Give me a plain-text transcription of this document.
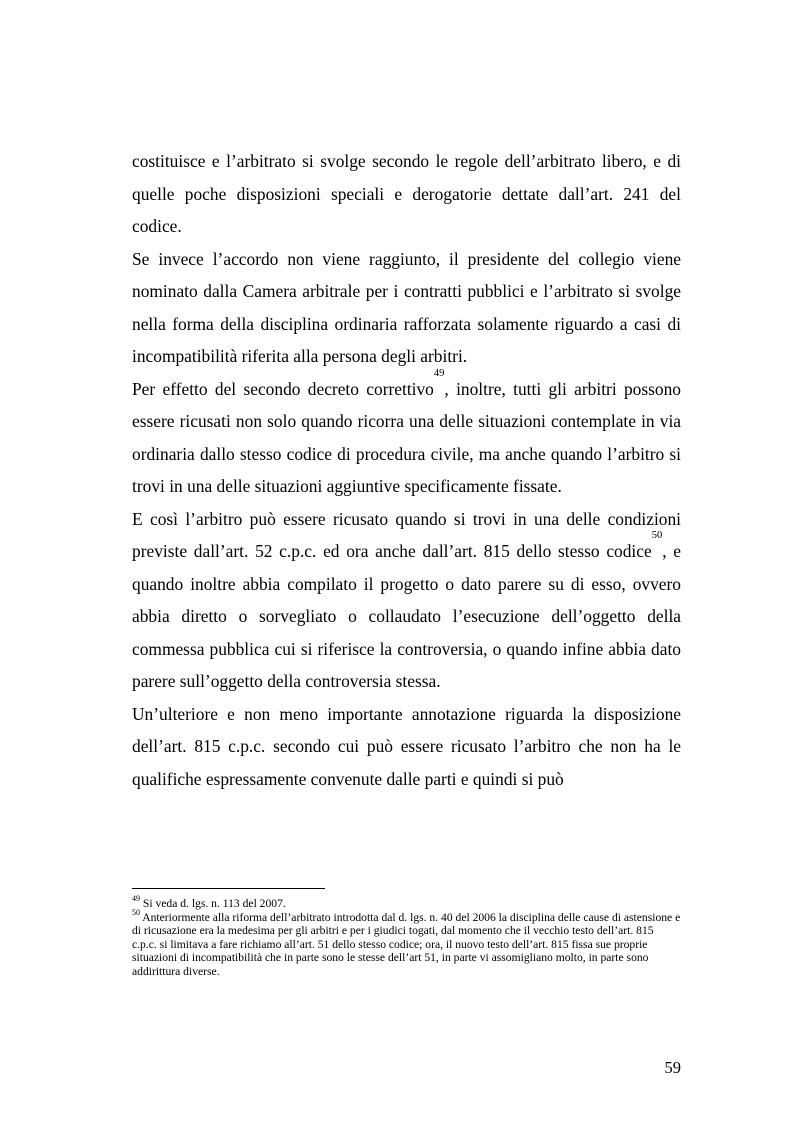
costituisce e l’arbitrato si svolge secondo le regole dell’arbitrato libero, e di quelle poche disposizioni speciali e derogatorie dettate dall’art. 241 del codice.

Se invece l’accordo non viene raggiunto, il presidente del collegio viene nominato dalla Camera arbitrale per i contratti pubblici e l’arbitrato si svolge nella forma della disciplina ordinaria rafforzata solamente riguardo a casi di incompatibilità riferita alla persona degli arbitri.

Per effetto del secondo decreto correttivo$^{49}$, inoltre, tutti gli arbitri possono essere ricusati non solo quando ricorra una delle situazioni contemplate in via ordinaria dallo stesso codice di procedura civile, ma anche quando l’arbitro si trovi in una delle situazioni aggiuntive specificamente fissate.

E così l’arbitro può essere ricusato quando si trovi in una delle condizioni previste dall’art. 52 c.p.c. ed ora anche dall’art. 815 dello stesso codice$^{50}$, e quando inoltre abbia compilato il progetto o dato parere su di esso, ovvero abbia diretto o sorvegliato o collaudato l’esecuzione dell’oggetto della commessa pubblica cui si riferisce la controversia, o quando infine abbia dato parere sull’oggetto della controversia stessa.

Un’ulteriore e non meno importante annotazione riguarda la disposizione dell’art. 815 c.p.c. secondo cui può essere ricusato l’arbitro che non ha le qualifiche espressamente convenute dalle parti e quindi si può

$^{49}$ Si veda d. lgs. n. 113 del 2007.

$^{50}$ Anteriormente alla riforma dell’arbitrato introdotta dal d. lgs. n. 40 del 2006 la disciplina delle cause di astensione e di ricusazione era la medesima per gli arbitri e per i giudici togati, dal momento che il vecchio testo dell’art. 815 c.p.c. si limitava a fare richiamo all’art. 51 dello stesso codice; ora, il nuovo testo dell’art. 815 fissa sue proprie situazioni di incompatibilità che in parte sono le stesse dell’art 51, in parte vi assomigliano molto, in parte sono addirittura diverse.

59
